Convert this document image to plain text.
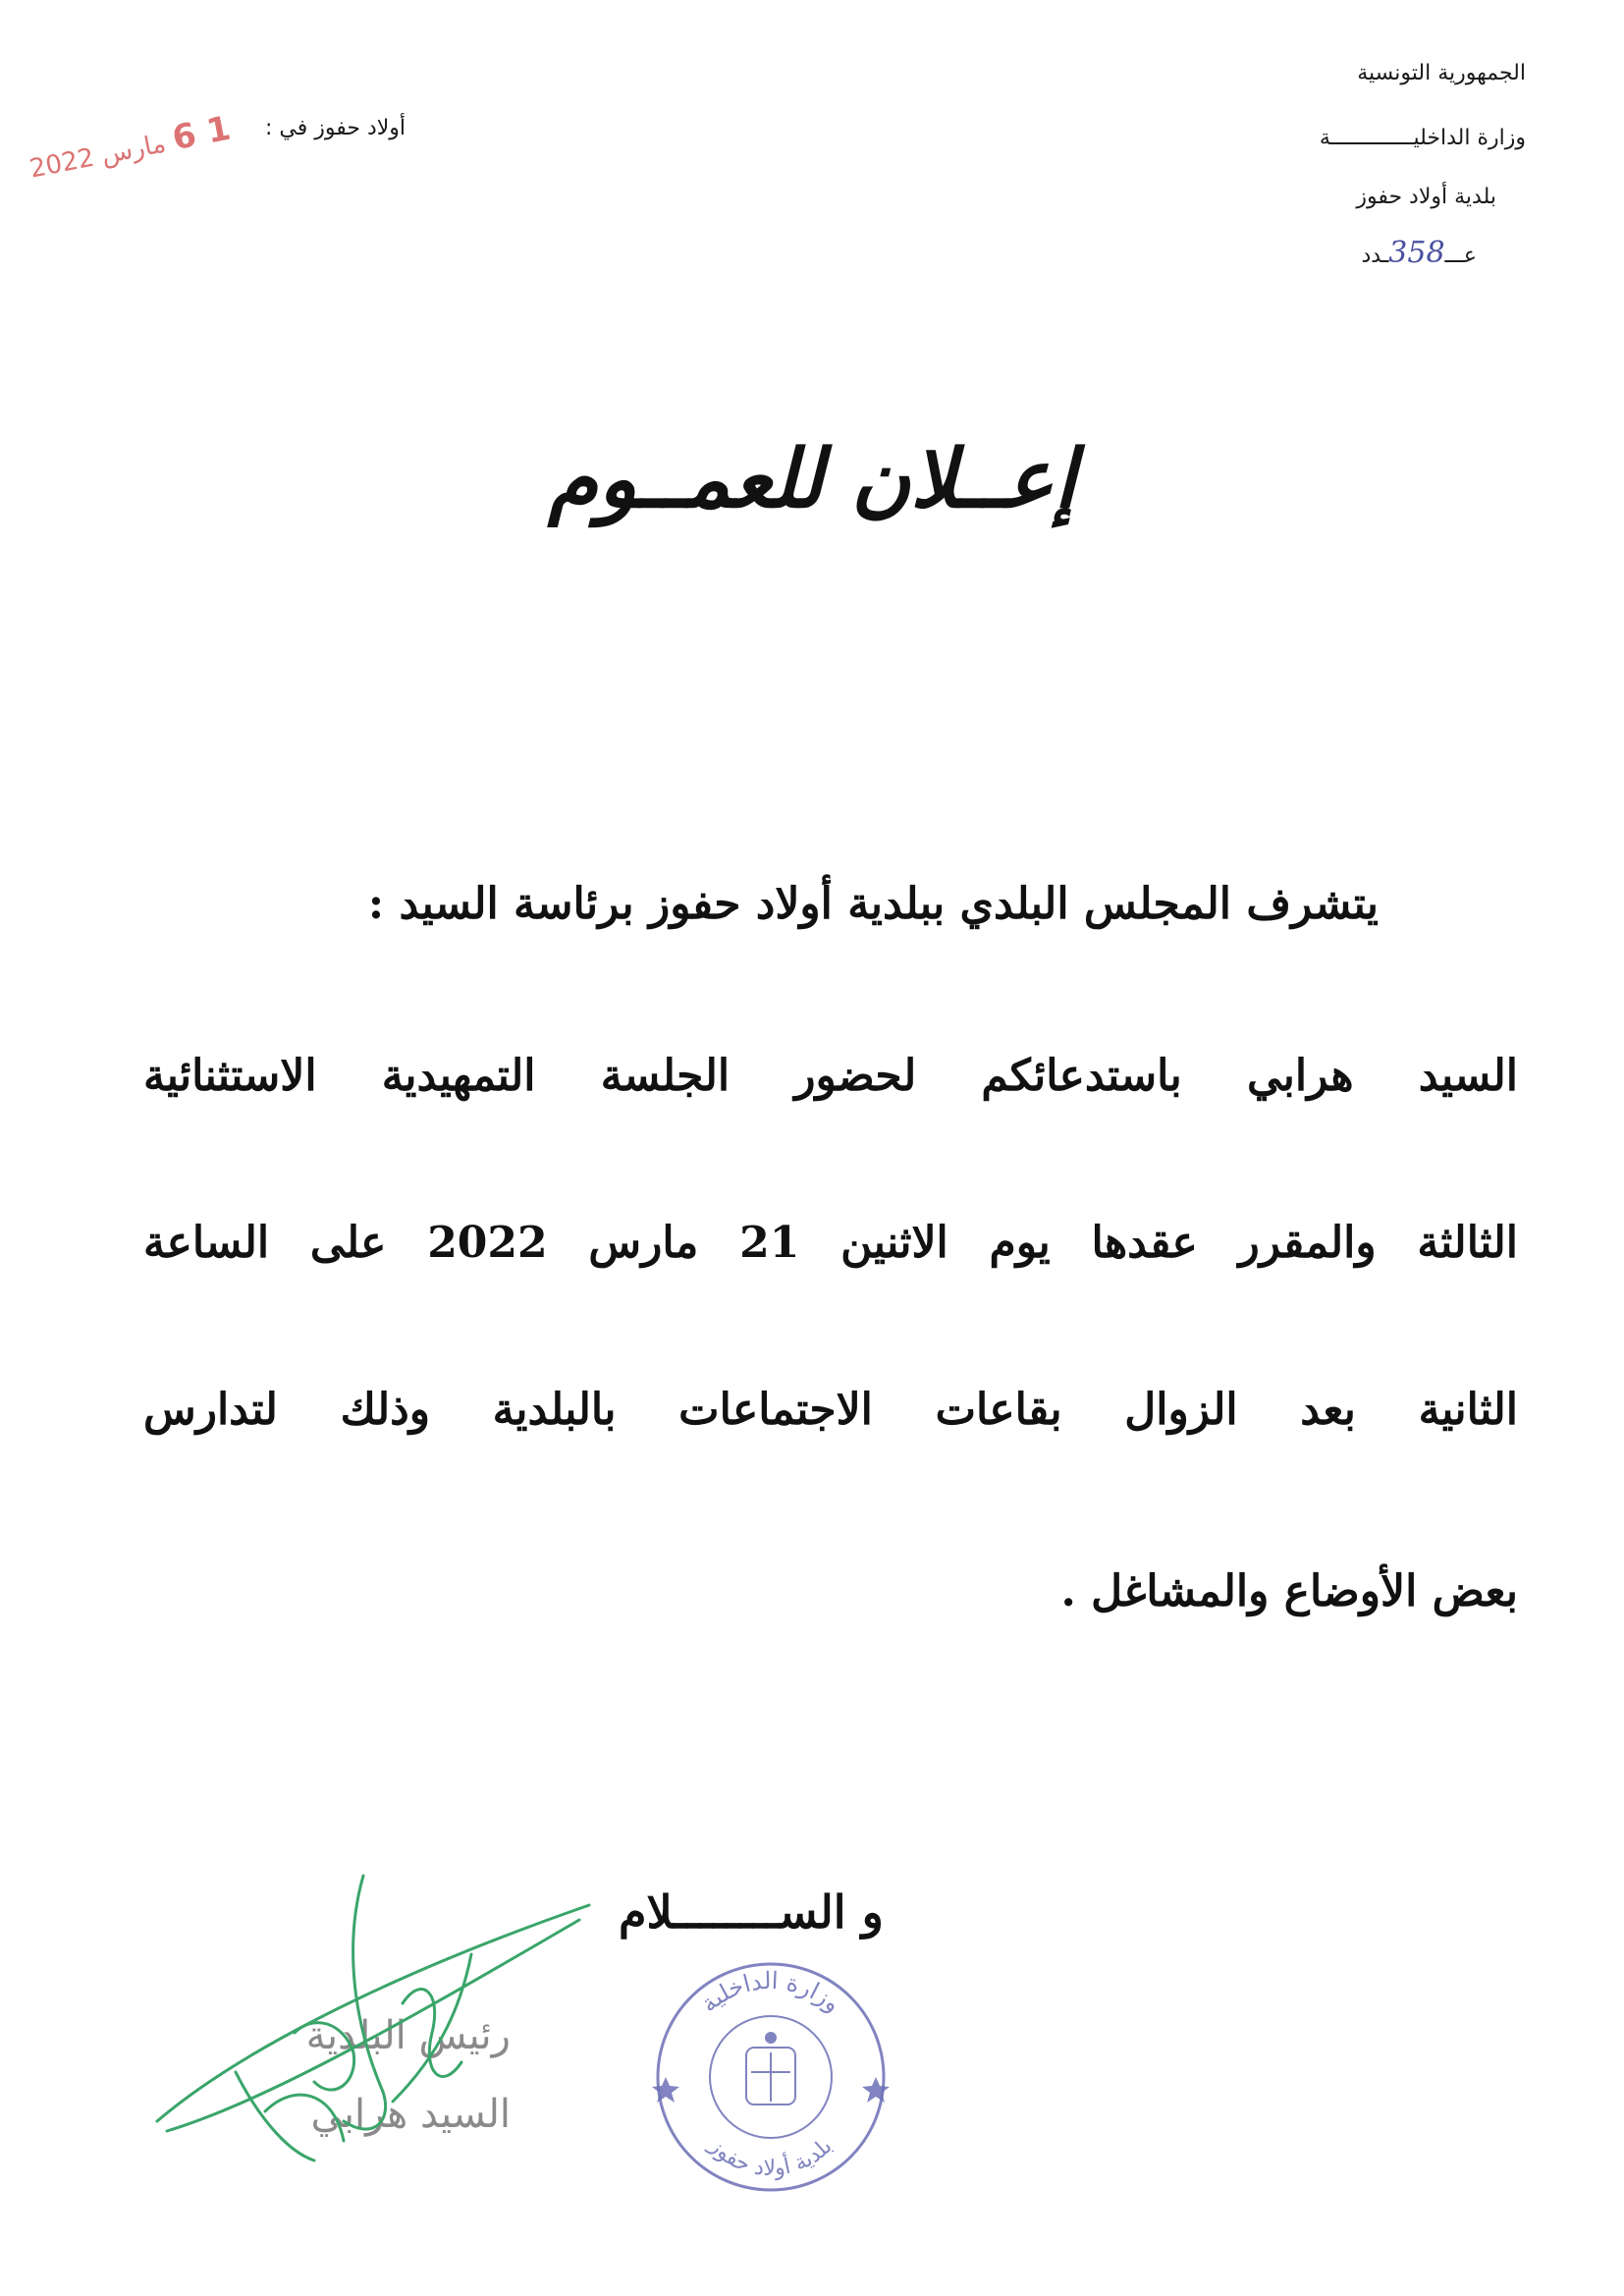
الجمهورية التونسية
وزارة الداخليـــــــــــــة
بلدية أولاد حفوز
عـــ358ـدد
أولاد حفوز في :
1 6 مارس 2022
إعــلان للعمــوم
يتشرف المجلس البلدي ببلدية أولاد حفوز برئاسة السيد :
السيد هرابي باستدعائكم لحضور الجلسة التمهيدية الاستثنائية
الثالثة والمقرر عقدها يوم الاثنين 21 مارس 2022 على الساعة
الثانية بعد الزوال بقاعات الاجتماعات بالبلدية وذلك لتدارس
بعض الأوضاع والمشاغل .
و الســــــــلام
رئيس البلدية
السيد هرابي
وزارة الداخلية
بلدية أولاد حفوز
